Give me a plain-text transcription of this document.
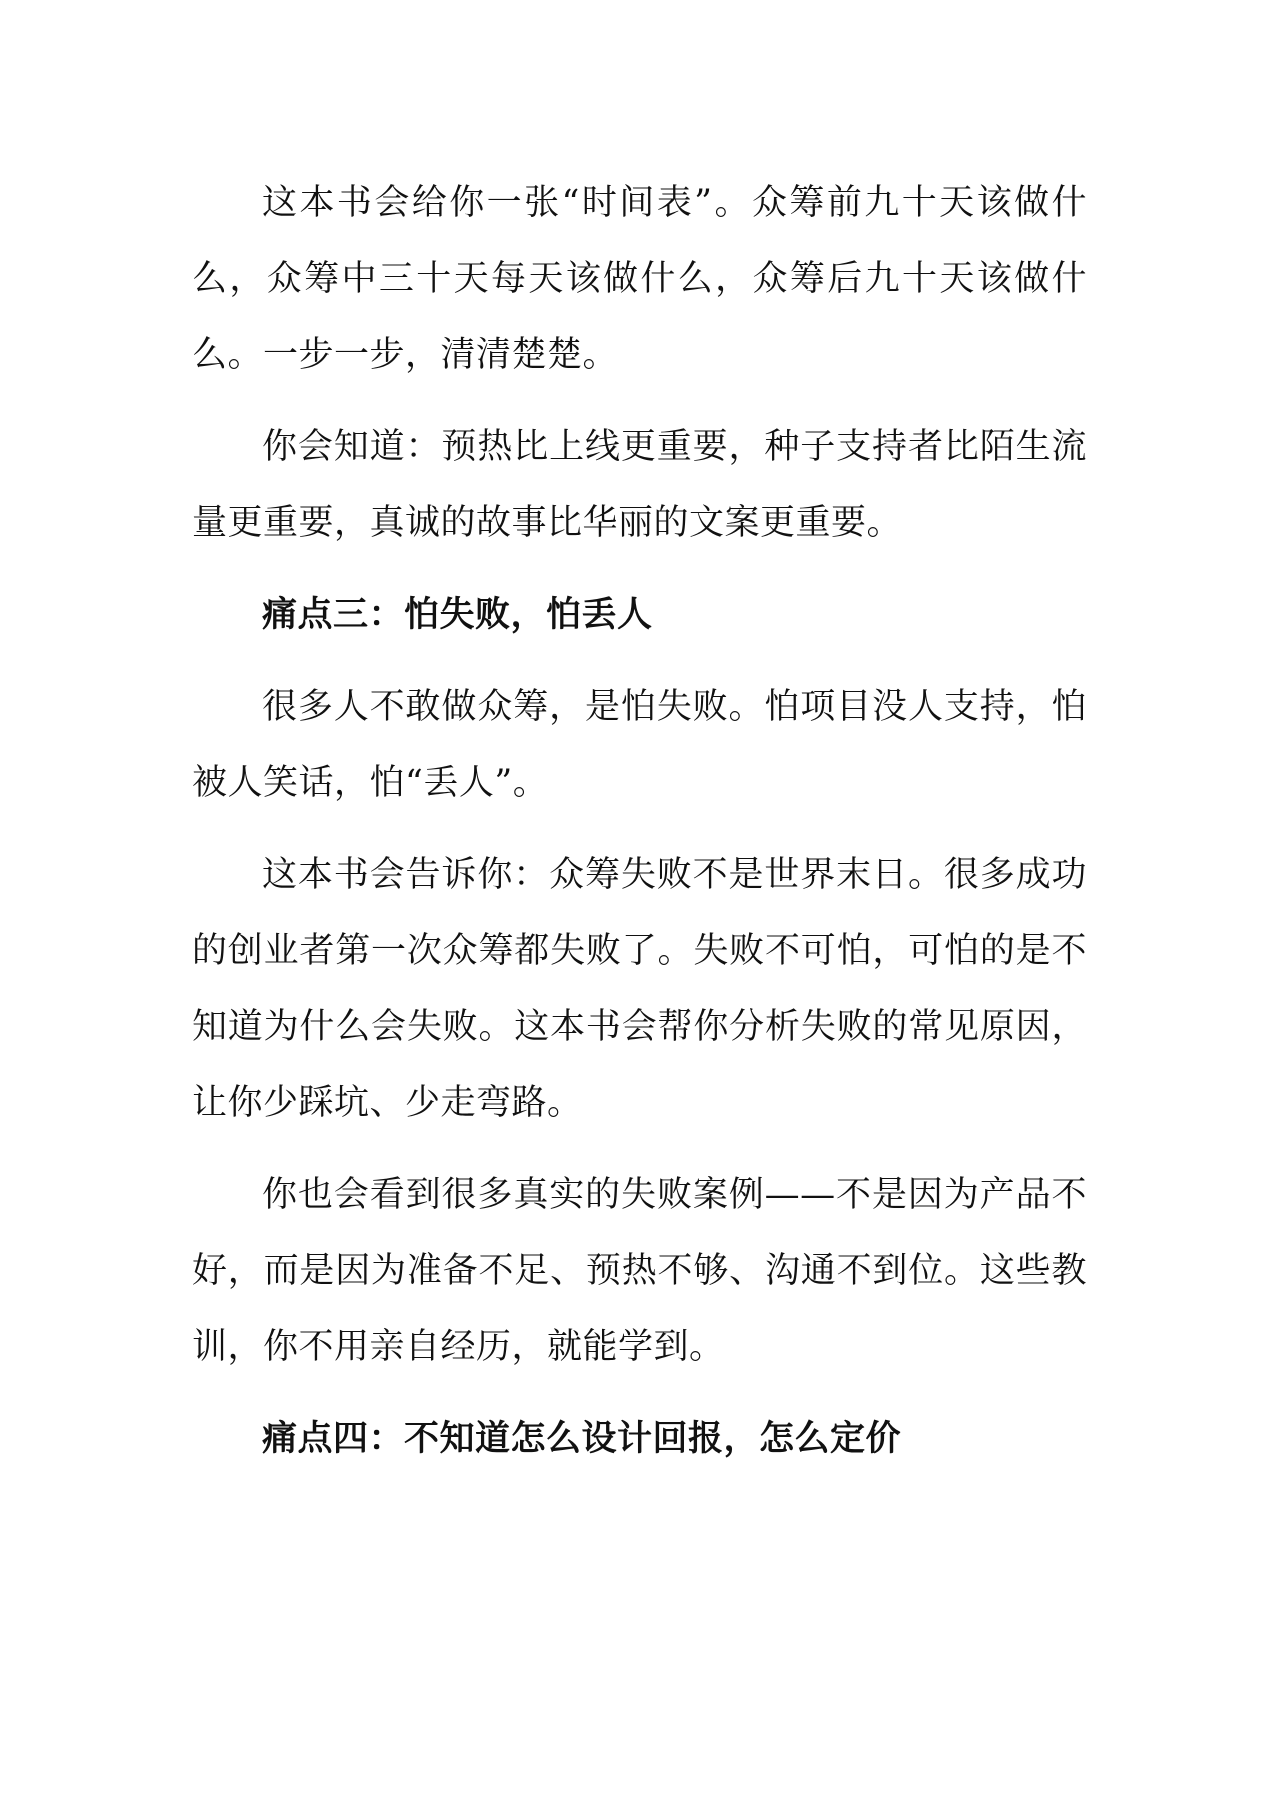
这本书会给你一张“时间表”。众筹前九十天该做什么，众筹中三十天每天该做什么，众筹后九十天该做什么。一步一步，清清楚楚。

你会知道：预热比上线更重要，种子支持者比陌生流量更重要，真诚的故事比华丽的文案更重要。

痛点三：怕失败，怕丢人

很多人不敢做众筹，是怕失败。怕项目没人支持，怕被人笑话，怕“丢人”。

这本书会告诉你：众筹失败不是世界末日。很多成功的创业者第一次众筹都失败了。失败不可怕，可怕的是不知道为什么会失败。这本书会帮你分析失败的常见原因，让你少踩坑、少走弯路。

你也会看到很多真实的失败案例——不是因为产品不好，而是因为准备不足、预热不够、沟通不到位。这些教训，你不用亲自经历，就能学到。

痛点四：不知道怎么设计回报，怎么定价
